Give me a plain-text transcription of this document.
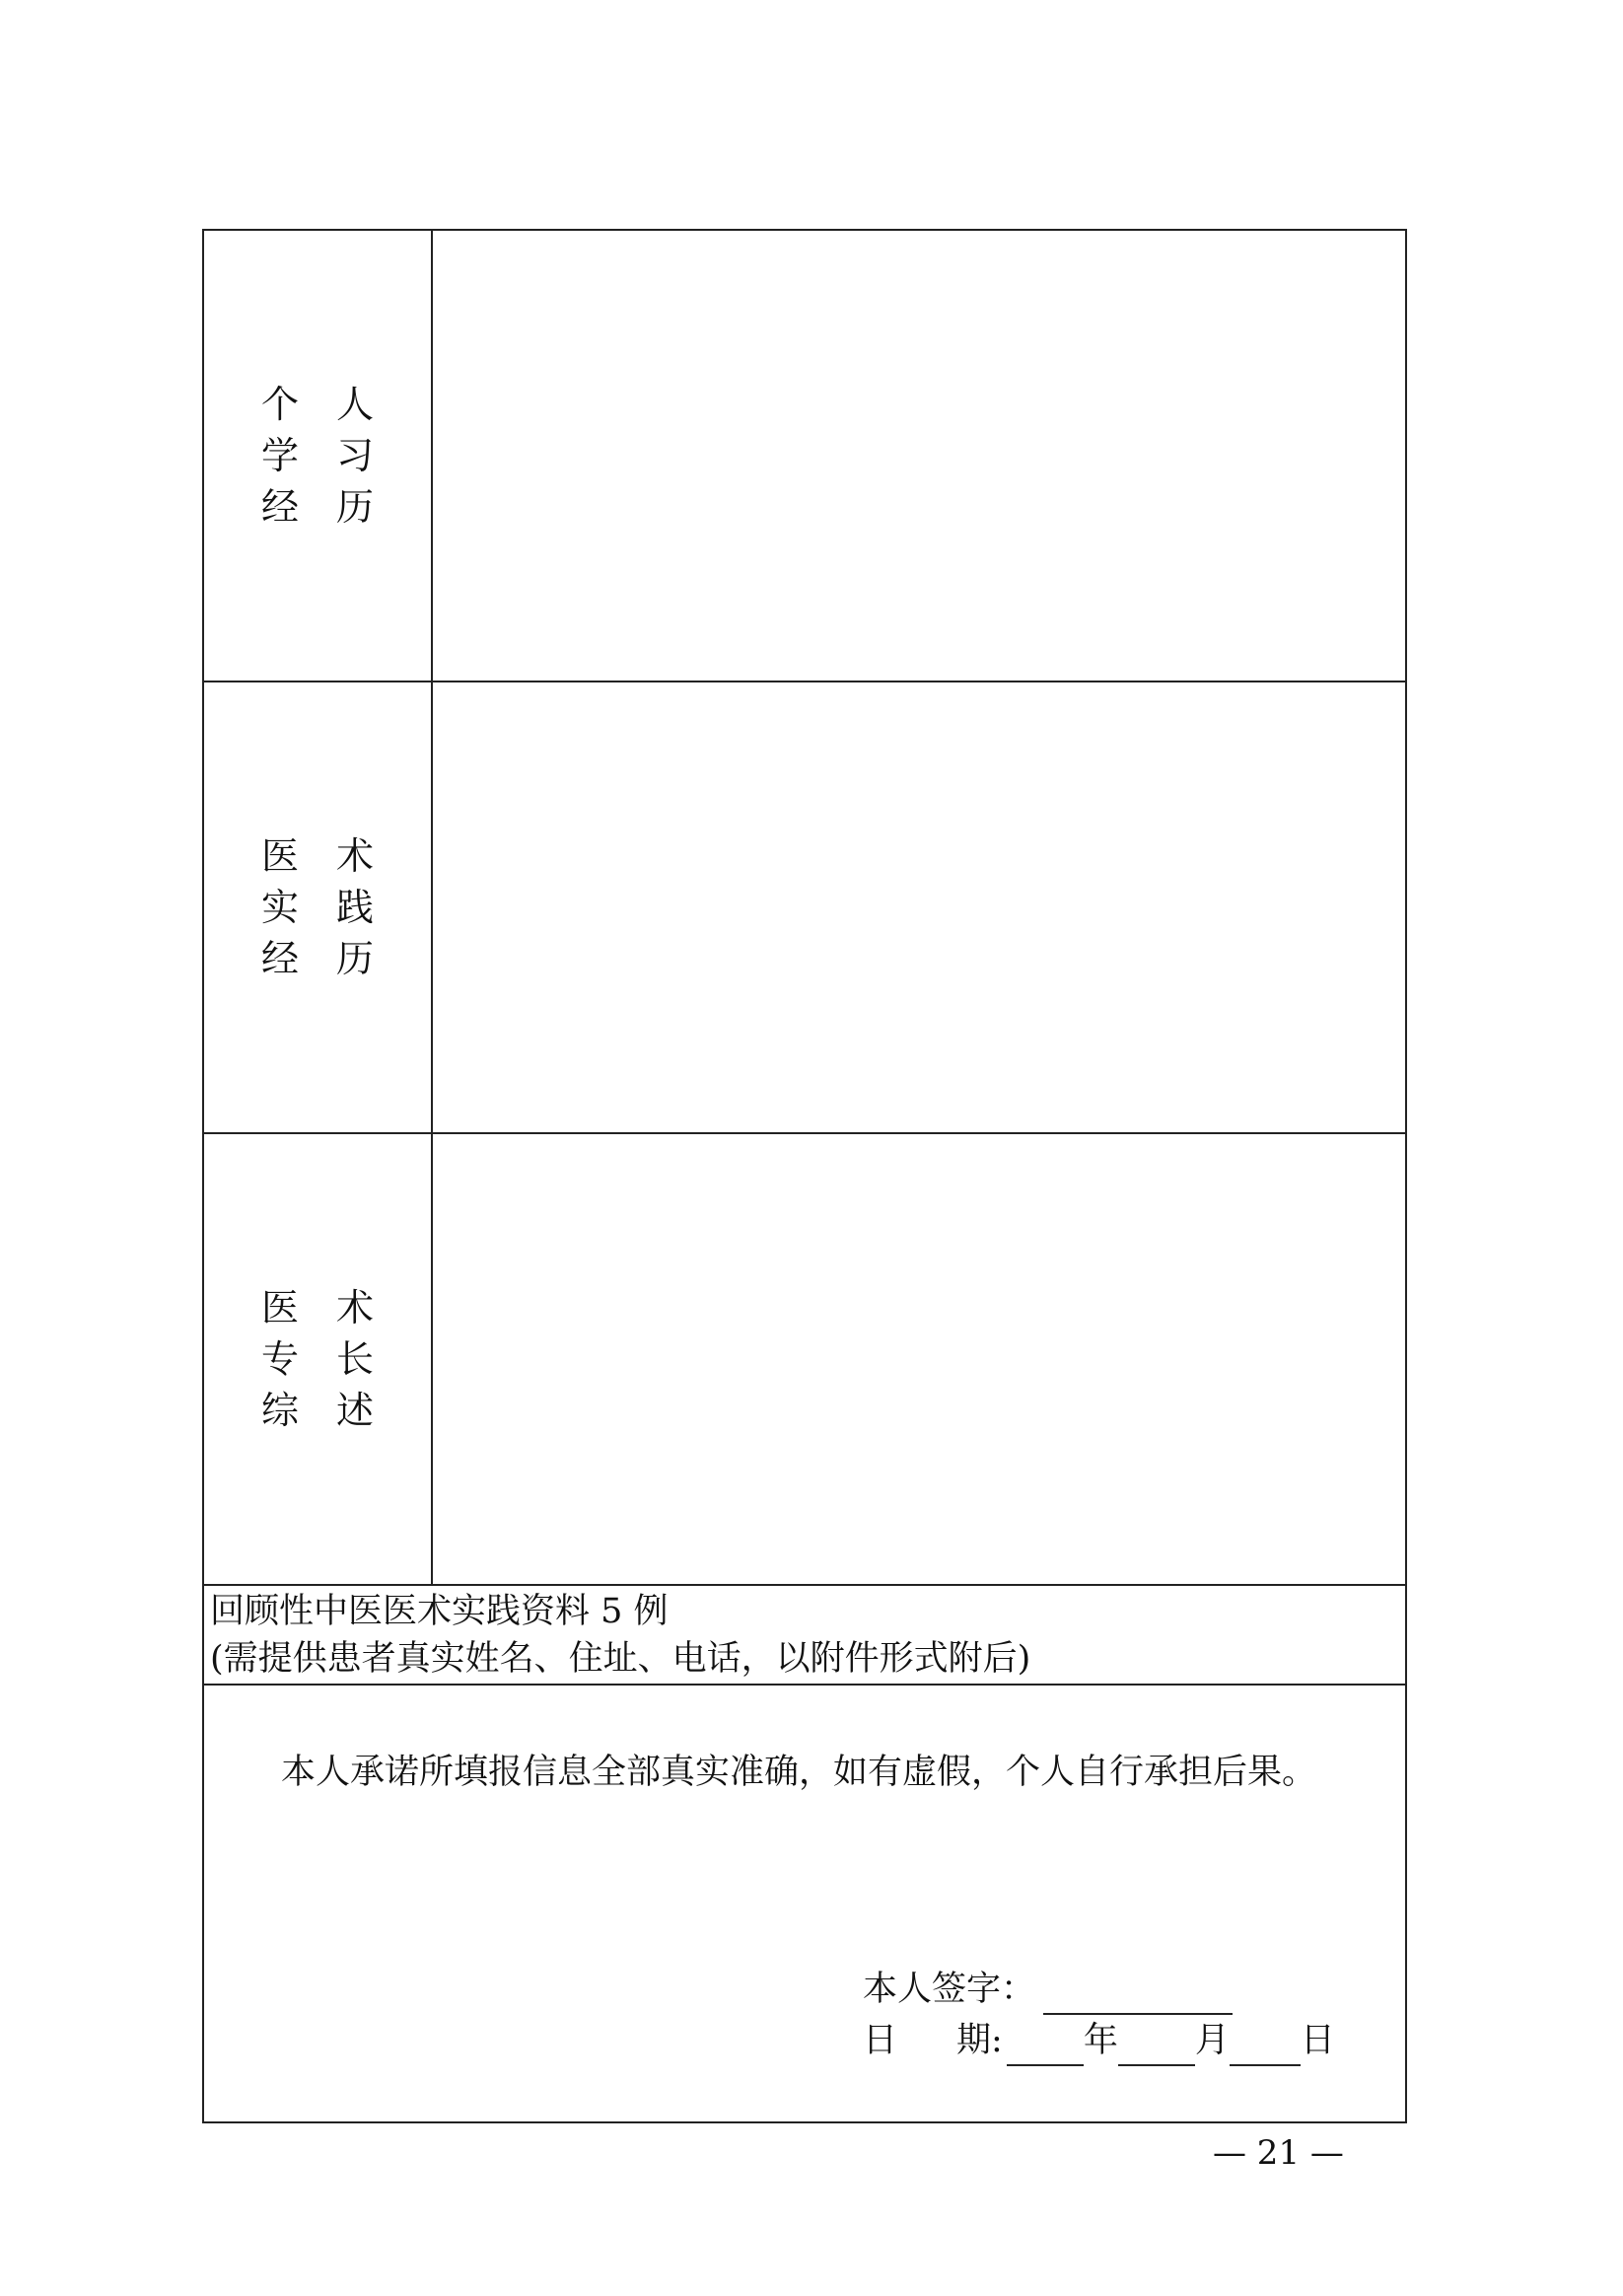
个 人
学 习
经 历
医 术
实 践
经 历
医 术
专 长
综 述
回顾性中医医术实践资料 5 例
(需提供患者真实姓名、住址、电话，以附件形式附后)
本人承诺所填报信息全部真实准确，如有虚假，个人自行承担后果。
本人签字：
日 期: 年 月 日
— 21 —
